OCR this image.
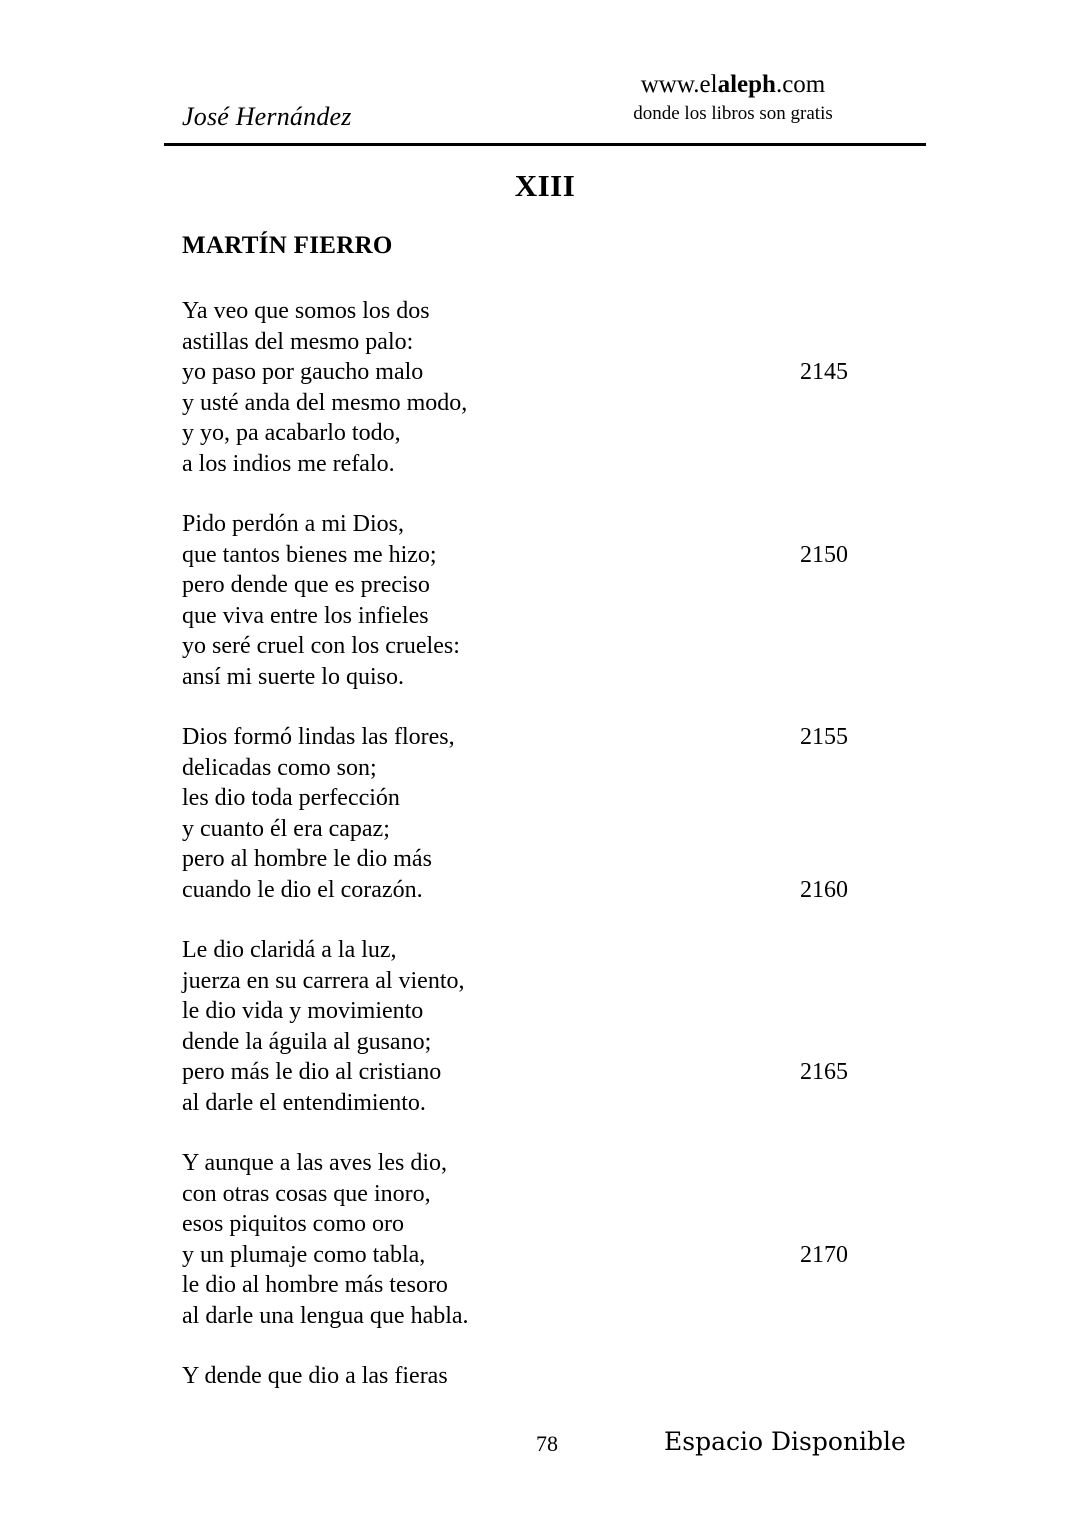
José Hernández
www.elaleph.com
donde los libros son gratis
XIII
MARTÍN FIERRO
Ya veo que somos los dos
astillas del mesmo palo:
yo paso por gaucho malo	2145
y usté anda del mesmo modo,
y yo, pa acabarlo todo,
a los indios me refalo.
Pido perdón a mi Dios,
que tantos bienes me hizo;	2150
pero dende que es preciso
que viva entre los infieles
yo seré cruel con los crueles:
ansí mi suerte lo quiso.
Dios formó lindas las flores,	2155
delicadas como son;
les dio toda perfección
y cuanto él era capaz;
pero al hombre le dio más
cuando le dio el corazón.	2160
Le dio claridá a la luz,
juerza en su carrera al viento,
le dio vida y movimiento
dende la águila al gusano;
pero más le dio al cristiano	2165
al darle el entendimiento.
Y aunque a las aves les dio,
con otras cosas que inoro,
esos piquitos como oro
y un plumaje como tabla,	2170
le dio al hombre más tesoro
al darle una lengua que habla.
Y dende que dio a las fieras
78	Espacio Disponible
